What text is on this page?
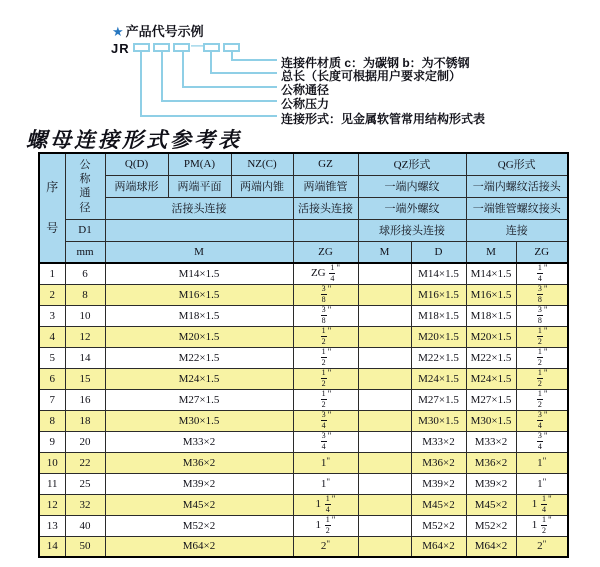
★ 产品代号示例
JR	—
连接件材质 c：为碳钢 b：为不锈钢
总长（长度可根据用户要求定制）
公称通径
公称压力
连接形式：见金属软管常用结构形式表
螺母连接形式参考表
序号	公称通径	Q(D)	PM(A)	NZ(C)	GZ	QZ形式		QG形式	
		两端球形	两端平面	两端内锥	两端锥管	一端内螺纹		一端内螺纹活接头	
		活接头连接			活接头连接	一端外螺纹		一端锥管螺纹接头	
	D1					球形接头连接		连接	
	mm	M			ZG	M	D	M	ZG
1	6	M14×1.5			ZG $\frac{1}{4} ^"$		M14×1.5	M14×1.5	$\frac{1}{4} ^"$
2	8	M16×1.5			$\frac{3}{8} ^"$		M16×1.5	M16×1.5	$\frac{3}{8} ^"$
3	10	M18×1.5			$\frac{3}{8} ^"$		M18×1.5	M18×1.5	$\frac{3}{8} ^"$
4	12	M20×1.5			$\frac{1}{2} ^"$		M20×1.5	M20×1.5	$\frac{1}{2} ^"$
5	14	M22×1.5			$\frac{1}{2} ^"$		M22×1.5	M22×1.5	$\frac{1}{2} ^"$
6	15	M24×1.5			$\frac{1}{2} ^"$		M24×1.5	M24×1.5	$\frac{1}{2} ^"$
7	16	M27×1.5			$\frac{1}{2} ^"$		M27×1.5	M27×1.5	$\frac{1}{2} ^"$
8	18	M30×1.5			$\frac{3}{4} ^"$		M30×1.5	M30×1.5	$\frac{3}{4} ^"$
9	20	M33×2			$\frac{3}{4} ^"$		M33×2	M33×2	$\frac{3}{4} ^"$
10	22	M36×2			1"		M36×2	M36×2	1"
11	25	M39×2			1"		M39×2	M39×2	1"
12	32	M45×2			$1 \frac{1}{4} ^"$		M45×2	M45×2	$1 \frac{1}{4} ^"$
13	40	M52×2			$1 \frac{1}{2} ^"$		M52×2	M52×2	$1 \frac{1}{2} ^"$
14	50	M64×2			2"		M64×2	M64×2	2"
